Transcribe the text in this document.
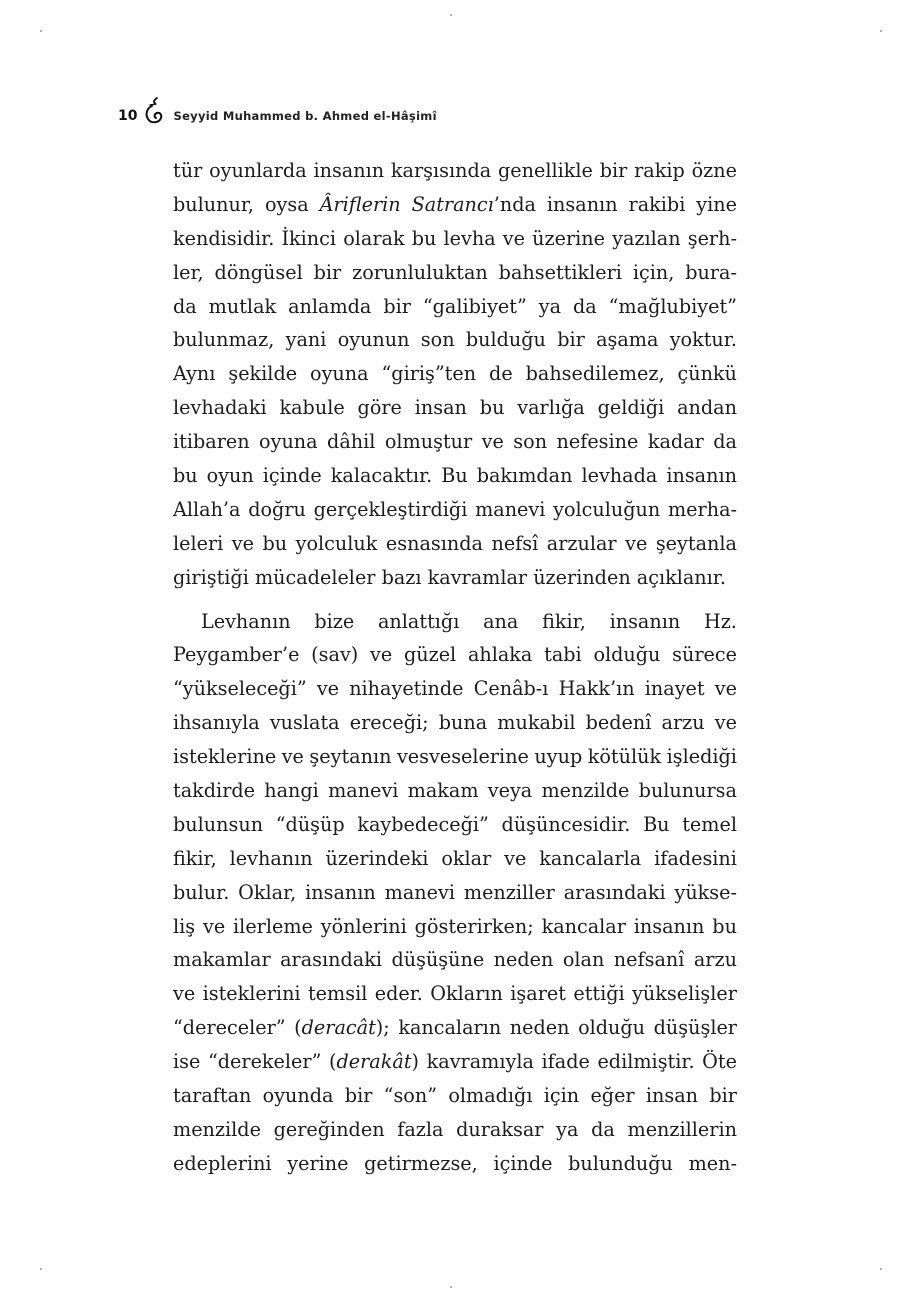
10	Seyyid Muhammed b. Ahmed el-Hâşimî
tür oyunlarda insanın karşısında genellikle bir rakip özne
bulunur, oysa Âriflerin Satrancı’nda insanın rakibi yine
kendisidir. İkinci olarak bu levha ve üzerine yazılan şerh-
ler, döngüsel bir zorunluluktan bahsettikleri için, bura-
da mutlak anlamda bir “galibiyet” ya da “mağlubiyet”
bulunmaz, yani oyunun son bulduğu bir aşama yoktur.
Aynı şekilde oyuna “giriş”ten de bahsedilemez, çünkü
levhadaki kabule göre insan bu varlığa geldiği andan
itibaren oyuna dâhil olmuştur ve son nefesine kadar da
bu oyun içinde kalacaktır. Bu bakımdan levhada insanın
Allah’a doğru gerçekleştirdiği manevi yolculuğun merha-
leleri ve bu yolculuk esnasında nefsî arzular ve şeytanla
giriştiği mücadeleler bazı kavramlar üzerinden açıklanır.
Levhanın bize anlattığı ana fikir, insanın Hz.
Peygamber’e (sav) ve güzel ahlaka tabi olduğu sürece
“yükseleceği” ve nihayetinde Cenâb-ı Hakk’ın inayet ve
ihsanıyla vuslata ereceği; buna mukabil bedenî arzu ve
isteklerine ve şeytanın vesveselerine uyup kötülük işlediği
takdirde hangi manevi makam veya menzilde bulunursa
bulunsun “düşüp kaybedeceği” düşüncesidir. Bu temel
fikir, levhanın üzerindeki oklar ve kancalarla ifadesini
bulur. Oklar, insanın manevi menziller arasındaki yükse-
liş ve ilerleme yönlerini gösterirken; kancalar insanın bu
makamlar arasındaki düşüşüne neden olan nefsanî arzu
ve isteklerini temsil eder. Okların işaret ettiği yükselişler
“dereceler” (deracât); kancaların neden olduğu düşüşler
ise “derekeler” (derakât) kavramıyla ifade edilmiştir. Öte
taraftan oyunda bir “son” olmadığı için eğer insan bir
menzilde gereğinden fazla duraksar ya da menzillerin
edeplerini yerine getirmezse, içinde bulunduğu men-
